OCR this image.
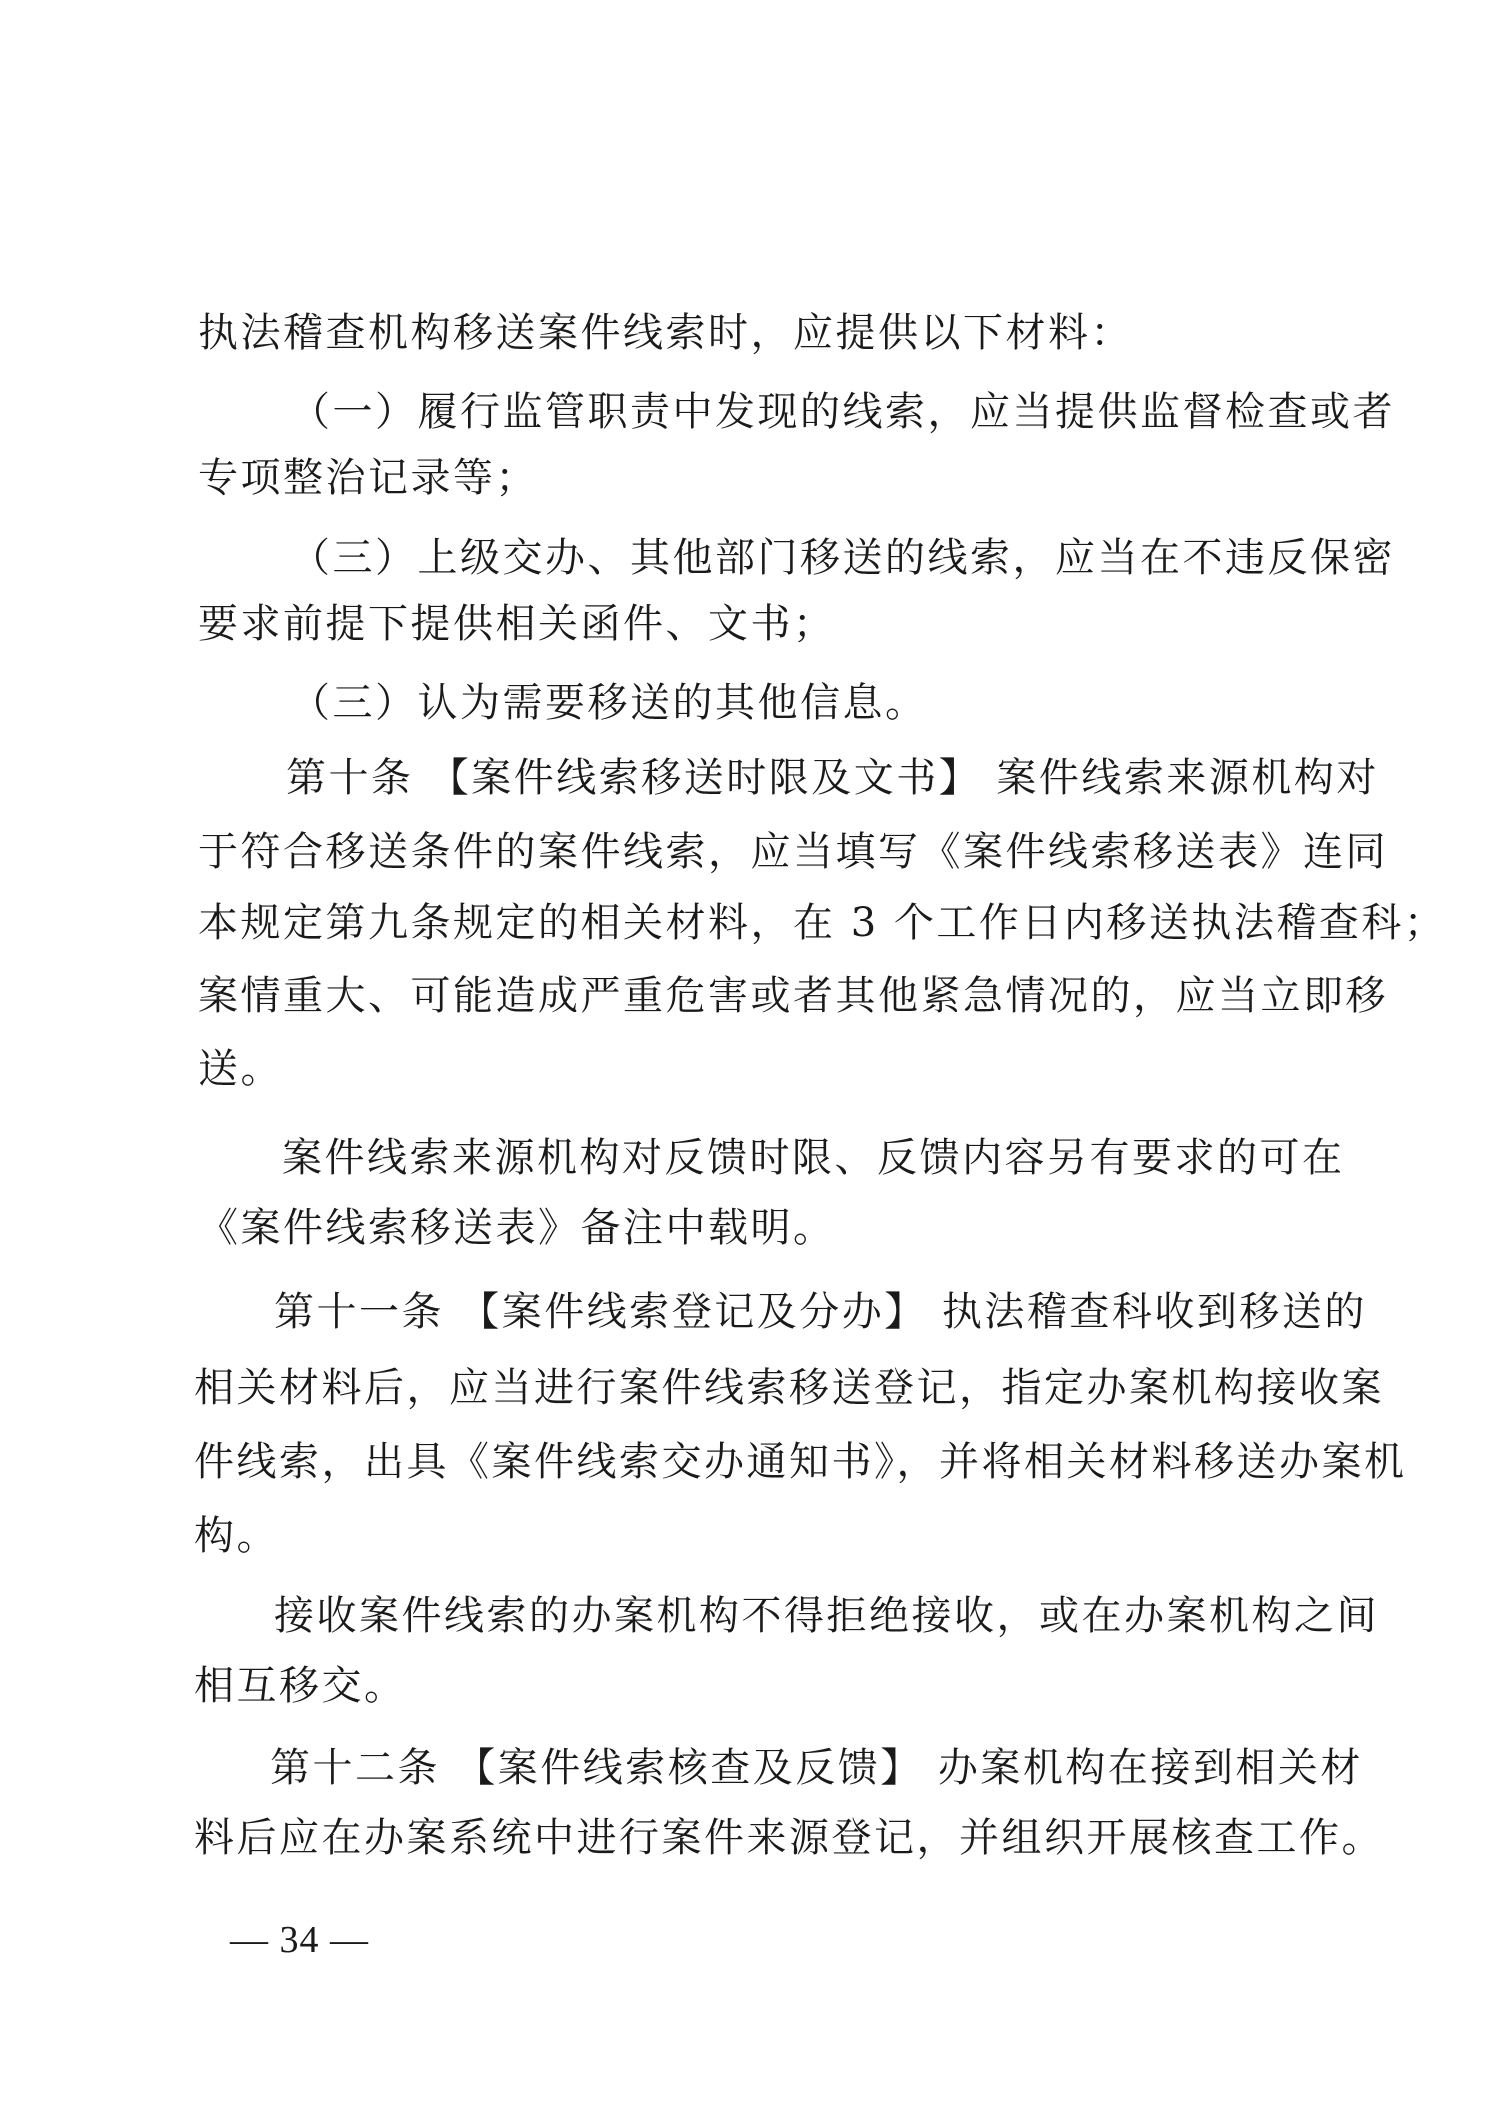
执法稽查机构移送案件线索时，应提供以下材料：
（一）履行监管职责中发现的线索，应当提供监督检查或者
专项整治记录等；
（三）上级交办、其他部门移送的线索，应当在不违反保密
要求前提下提供相关函件、文书；
（三）认为需要移送的其他信息。
第十条 【案件线索移送时限及文书】 案件线索来源机构对
于符合移送条件的案件线索，应当填写《案件线索移送表》连同
本规定第九条规定的相关材料，在 3 个工作日内移送执法稽查科；
案情重大、可能造成严重危害或者其他紧急情况的，应当立即移
送。
案件线索来源机构对反馈时限、反馈内容另有要求的可在
《案件线索移送表》备注中载明。
第十一条 【案件线索登记及分办】 执法稽查科收到移送的
相关材料后，应当进行案件线索移送登记，指定办案机构接收案
件线索，出具《案件线索交办通知书》，并将相关材料移送办案机
构。
接收案件线索的办案机构不得拒绝接收，或在办案机构之间
相互移交。
第十二条 【案件线索核查及反馈】 办案机构在接到相关材
料后应在办案系统中进行案件来源登记，并组织开展核查工作。
— 34 —
